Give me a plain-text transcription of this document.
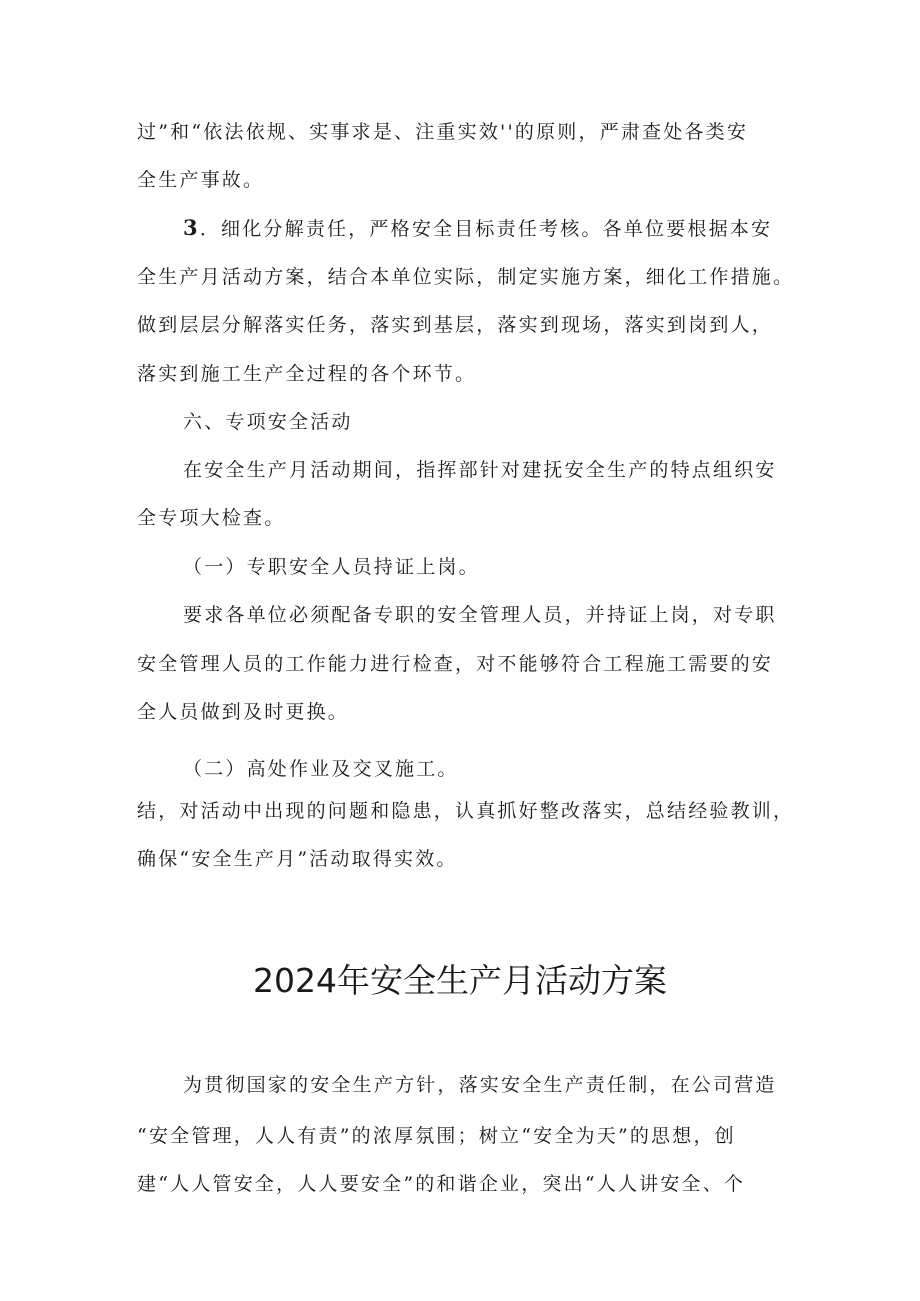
过”和“依法依规、实事求是、注重实效''的原则，严肃查处各类安
全生产事故。
3．细化分解责任，严格安全目标责任考核。各单位要根据本安
全生产月活动方案，结合本单位实际，制定实施方案，细化工作措施。
做到层层分解落实任务，落实到基层，落实到现场，落实到岗到人，
落实到施工生产全过程的各个环节。
六、专项安全活动
在安全生产月活动期间，指挥部针对建抚安全生产的特点组织安
全专项大检查。
（一）专职安全人员持证上岗。
要求各单位必须配备专职的安全管理人员，并持证上岗，对专职
安全管理人员的工作能力进行检查，对不能够符合工程施工需要的安
全人员做到及时更换。
（二）高处作业及交叉施工。
结，对活动中出现的问题和隐患，认真抓好整改落实，总结经验教训，
确保“安全生产月”活动取得实效。
2024年安全生产月活动方案
为贯彻国家的安全生产方针，落实安全生产责任制，在公司营造
“安全管理，人人有责”的浓厚氛围；树立“安全为天”的思想，创
建“人人管安全，人人要安全”的和谐企业，突出“人人讲安全、个
